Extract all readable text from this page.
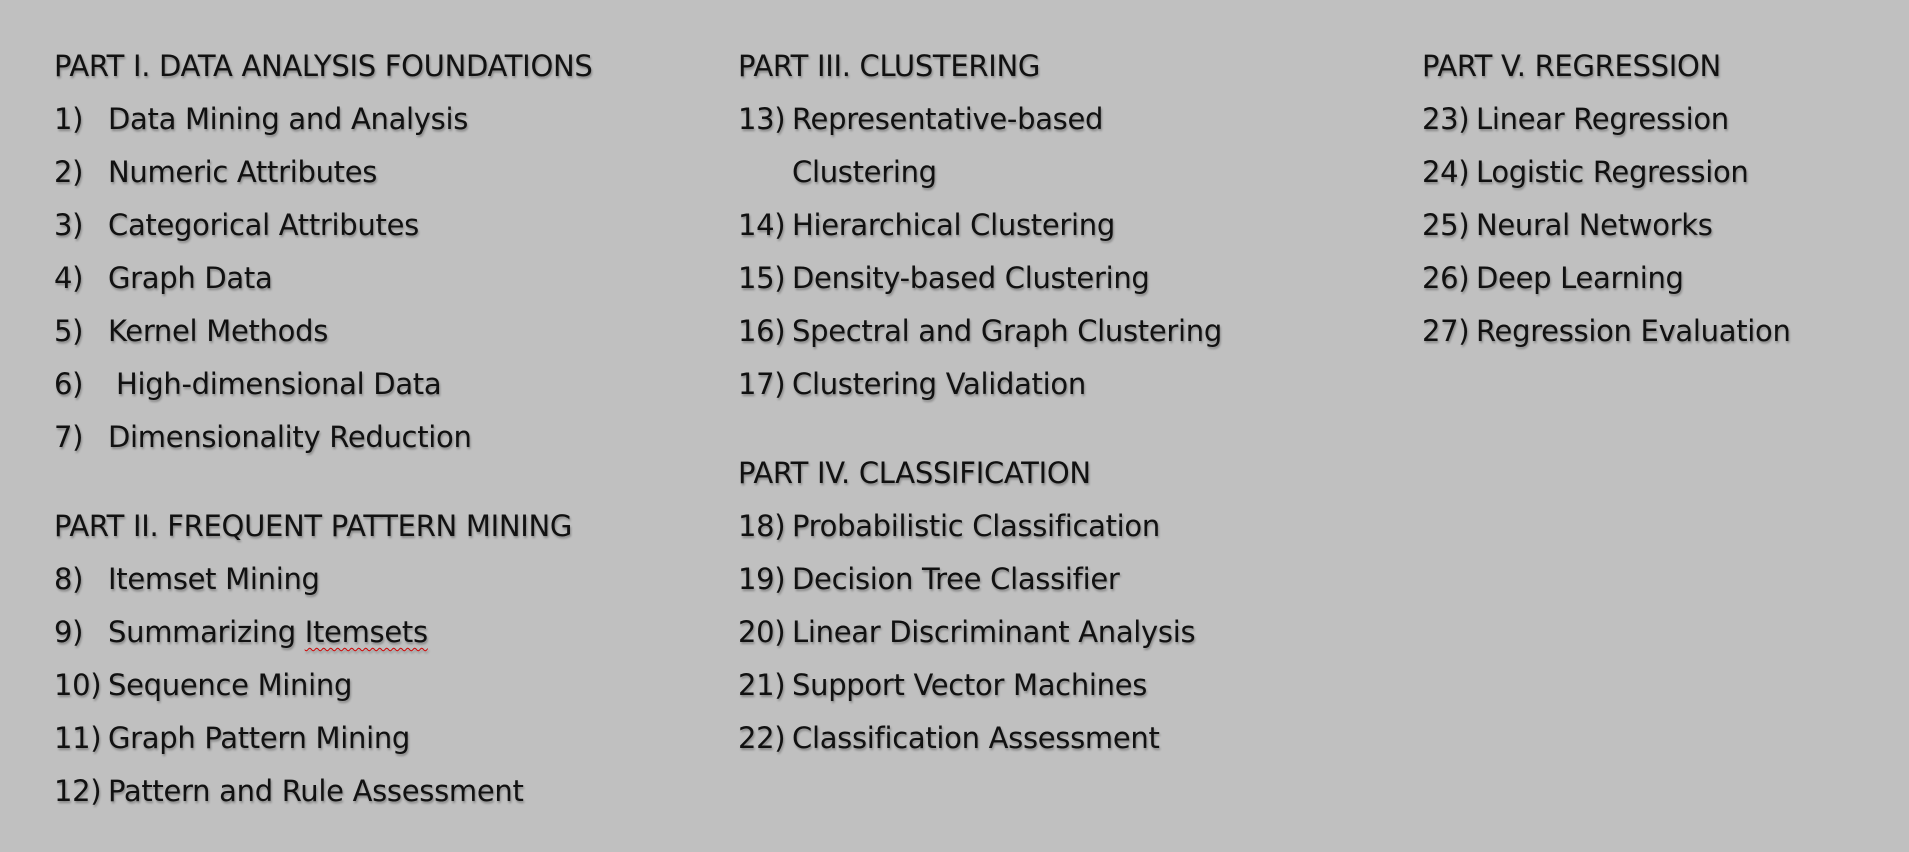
PART I. DATA ANALYSIS FOUNDATIONS
1) Data Mining and Analysis
2) Numeric Attributes
3) Categorical Attributes
4) Graph Data
5) Kernel Methods
6) High-dimensional Data
7) Dimensionality Reduction
PART II. FREQUENT PATTERN MINING
8) Itemset Mining
9) Summarizing Itemsets
10) Sequence Mining
11) Graph Pattern Mining
12) Pattern and Rule Assessment
PART III. CLUSTERING
13) Representative-based Clustering
14) Hierarchical Clustering
15) Density-based Clustering
16) Spectral and Graph Clustering
17) Clustering Validation
PART IV. CLASSIFICATION
18) Probabilistic Classification
19) Decision Tree Classifier
20) Linear Discriminant Analysis
21) Support Vector Machines
22) Classification Assessment
PART V. REGRESSION
23) Linear Regression
24) Logistic Regression
25) Neural Networks
26) Deep Learning
27) Regression Evaluation
